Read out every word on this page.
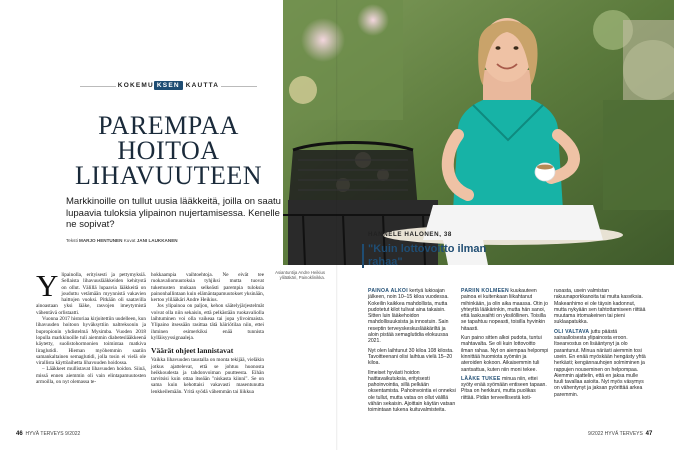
KOKEMU KSEN KAUTTA
PAREMPAA
HOITOA
LIHAVUUTEEN
Markkinoille on tullut uusia lääkkeitä, joilla on saatu lupaavia tuloksia ylipainon nujertamisessa. Kenelle ne sopivat?
Teksti MARJO HENTUNEN Kuvat JANI LAUKKANEN

Ylipainolla, erityisesti ja pettymyksiä. Sellaista lihavuuslääkkeiden kehitystä on ollut. Välillä lupaavia lääkkeitä on jouduttu vetämään myynnistä vakavien haittojen vuoksi. Pitkään oli saatavilla ainoastaan yksi lääke, rasvojen imeytymistä vähentävä orlistaatti.

Vuonna 2017 historiaa kirjoitettiin uudelleen, kun lihavuuden hoitoon hyväksyttiin naltreksonin ja bupropionin yhdistelmä Mysimba. Vuoden 2018 lopulla markkinoille tuli aiemmin diabeteslääkkeenä käytetty, suolistohormonien toimintaa matkiva liraglutidi. Hieman myöhemmin saatiin samankaltainen semaglutidi, jolla tosin ei vielä ole virallista käyttöaihetta lihavuuden hoidossa.

– Lääkkeet mullistavat lihavuuden hoidon. Siinä, missä ennen aiemmin oli vain elintapamuutosten armoilla, on nyt olemassa te-

hokkaampia vaihtoehtoja. Ne eivät tee ruokavaliomuutoksia tyhjiksi mutta tuovat tukemusten mukaan selkeästi parempia tuloksia painonhallintaan kuin elämäntapamuutokset yksinään, kertoo ylilääkäri Andre Heikius.

Jos ylipainoa on paljon, kehon säätelyjärjestelmät voivat olla niin sekaisin, että pelkästään ruokavaliolla laihtuminen voi olla vaikeaa tai jopa ylivoimaista. Ylipaino itsessään rasittaa tätä häiriötilaa niin, ettei ihminen esimerkiksi enää tunnista kylläisyyssignaaleja.

Väärät ohjeet lannistavat

Vaikka lihavuuden taustalla on monta tekijää, vieläkin jotkus ajattelevat, että se johtuu huonosta heikkoudesta ja tahdonvoiman puutteesta. Eihän tarvitsisi kuin ottaa itseään "niskasta kiinni". Se on sama kuin kehottaisi vakavasti masentunutta lenkkeilemään. Yritä syödä vähemmän tai liikkua

Asiantuntija Andre Heikius ylilääkäri, Painoklinikka.
46 HYVÄ TERVEYS 9/2022
HANNELE HALONEN, 38
"Kuin lottovoitto ilman rahaa"

PAINOA ALKOI kertyä lukioajan jälkeen, noin 10–15 kiloa vuodessa. Kokeilin kaikkea mahdollista, mutta pudotetut kilot tulivat aina takaisin. Sitten luin lääkehoidon mahdollisuuksista ja innostuin. Sain reseptin terveyskeskuslääkäriltä ja aloin pistää semaglutidia elokuussa 2021.

Nyt olen laihtunut 30 kiloa 108 kilosta. Tavoitteenani olisi laihtua vielä 15–20 kiloa.

Ilmeiset hyvästi hoidon haittavaikutuksia, erityisesti pahoinvointia, sillä pelkään oksentamista. Pahoinvointia ei onneksi ole tullut, mutta vatsa on ollut välillä vähän sekaisin. Ajoittain käytän vatsan toimintaan tukena kuituvalmisteita.

PARIIN KOLMEEN kuukauteen painoa ei kuitenkaan liikahtanut mihinkään, ja olin aika maassa. Otin jo yhteyttä lääkärinkin, mutta hän sanoi, että laskuvaihti on yksilöllinen. Toisilla se tapahtuu nopeasti, toisilla hyvinkin hitaasti.

Kun paino sitten alkoi pudota, tuntui mahtavalta. Se oli kuin lottovoitto ilman rahaa. Nyt on aiempaa helpompi kinnittää huomiota syömiin ja ateroiden kokoon. Aikaisemmin tuli santsattua, kuten niin moni tekee.

LÄÄKE TUKEE minua niin, ettei syöty enää syömään entiseen tapaan. Pitsa on herkkuni, mutta puolikas riittää. Pidän terveellisestä koti-

ruoasta, usein valmistan rakuunaporkkanoita tai muita kasviksia. Makeanhimo ei ole täysin kadonnut, mutta nykyään sen tahtottamiseen riittää muutama irtomakeinen tai pieni suklaapatukka.

OLI VALTAVA juttu päästä sairaalloisesta ylipainosta eroon. Itsearvostus on lisääntynyt ja olo parantunut. Minua närästi aiemmin tosi usein. En enää myöskään hengästy yhtä herkästi; kengännauhojen solmiminen ja rappujen nouseminen on helpompaa. Aiemmin ajattelin, että en jaksa mulle tuuli tavallaa asioita. Nyt myös väsymys on vähentynyt ja jaksan pyörittää arkea paremmin.

9/2022 HYVÄ TERVEYS 47
